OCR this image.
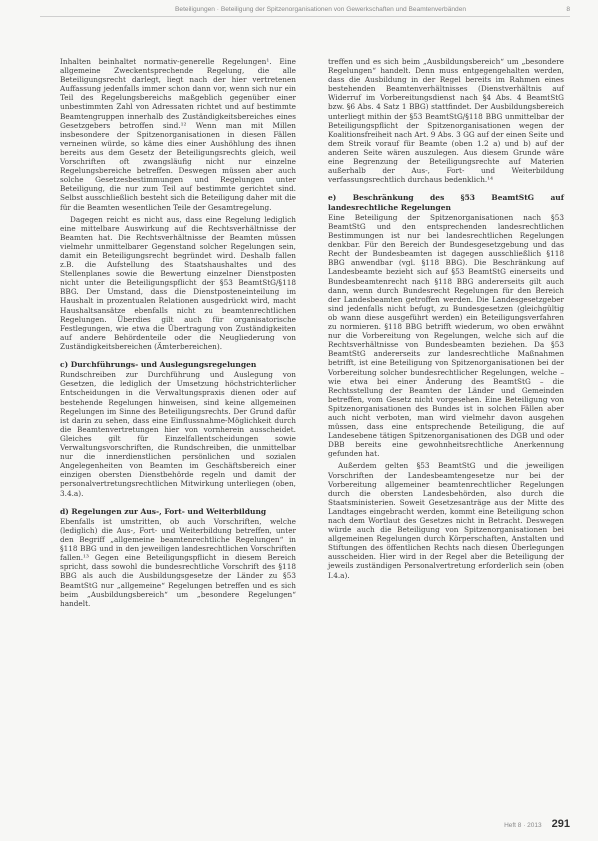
Beteiligungen · Beteiligung der Spitzenorganisationen von Gewerkschaften und Beamtenverbänden	8

Inhalten beinhaltet normativ-generelle Regelungen¹. Eine allgemeine Zweckentsprechende Regelung, die alle Beteiligungsrecht darlegt, liegt nach der hier vertretenen Auffassung jedenfalls immer schon dann vor, wenn sich nur ein Teil des Regelungsbereichs maßgeblich gegenüber einer unbestimmten Zahl von Adressaten richtet und auf bestimmte Beamtengruppen innerhalb des Zuständigkeitsbereiches eines Gesetzgebers betroffen sind.¹² Wenn man mit Millen insbesondere der Spitzenorganisationen in diesen Fällen verneinen würde, so käme dies einer Aushöhlung des ihnen bereits aus dem Gesetz der Beteiligungsrechts gleich, weil Vorschriften oft zwangsläufig nicht nur einzelne Regelungsbereiche betreffen. Deswegen müssen aber auch solche Gesetzesbestimmungen und Regelungen unter Beteiligung, die nur zum Teil auf bestimmte gerichtet sind. Selbst ausschließlich besteht sich die Beteiligung daher mit die für die Beamten wesentlichen Teile der Gesamtregelung.

Dagegen reicht es nicht aus, dass eine Regelung lediglich eine mittelbare Auswirkung auf die Rechtsverhältnisse der Beamten hat. Die Rechtsverhältnisse der Beamten müssen vielmehr unmittelbarer Gegenstand solcher Regelungen sein, damit ein Beteiligungsrecht begründet wird. Deshalb fallen z.B. die Aufstellung des Staatshaushaltes und des Stellenplanes sowie die Bewertung einzelner Dienstposten nicht unter die Beteiligungspflicht der §53 BeamtStG/§118 BBG. Der Umstand, dass die Dienstposteneinteilung im Haushalt in prozentualen Relationen ausgedrückt wird, macht Haushaltsansätze ebenfalls nicht zu beamtenrechtlichen Regelungen. Überdies gilt auch für organisatorische Festlegungen, wie etwa die Übertragung von Zuständigkeiten auf andere Behördenteile oder die Neugliederung von Zuständigkeitsbereichen (Ämterbereichen).

c) Durchführungs- und Auslegungsregelungen

Rundschreiben zur Durchführung und Auslegung von Gesetzen, die lediglich der Umsetzung höchstrichterlicher Entscheidungen in die Verwaltungspraxis dienen oder auf bestehende Regelungen hinweisen, sind keine allgemeinen Regelungen im Sinne des Beteiligungsrechts. Der Grund dafür ist darin zu sehen, dass eine Einflussnahme-Möglichkeit durch die Beamtenvertretungen hier von vornherein ausscheidet. Gleiches gilt für Einzelfallentscheidungen sowie Verwaltungsvorschriften, die Rundschreiben, die unmittelbar nur die innerdienstlichen persönlichen und sozialen Angelegenheiten von Beamten im Geschäftsbereich einer einzigen obersten Dienstbehörde regeln und damit der personalvertretungsrechtlichen Mitwirkung unterliegen (oben, 3.4.a).

d) Regelungen zur Aus-, Fort- und Weiterbildung

Ebenfalls ist umstritten, ob auch Vorschriften, welche (lediglich) die Aus-, Fort- und Weiterbildung betreffen, unter den Begriff „allgemeine beamtenrechtliche Regelungen“ in §118 BBG und in den jeweiligen landesrechtlichen Vorschriften fallen.¹³ Gegen eine Beteiligungspflicht in diesem Bereich spricht, dass sowohl die bundesrechtliche Vorschrift des §118 BBG als auch die Ausbildungsgesetze der Länder zu §53 BeamtStG nur „allgemeine“ Regelungen betreffen und es sich beim „Ausbildungsbereich“ um „besondere Regelungen“ handelt.

treffen und es sich beim „Ausbildungsbereich“ um „besondere Regelungen“ handelt. Denn muss entgegengehalten werden, dass die Ausbildung in der Regel bereits im Rahmen eines bestehenden Beamtenverhältnisses (Dienstverhältnis auf Widerruf im Vorbereitungsdienst nach §4 Abs. 4 BeamtStG bzw. §6 Abs. 4 Satz 1 BBG) stattfindet. Der Ausbildungsbereich unterliegt mithin der §53 BeamtStG/§118 BBG unmittelbar der Beteiligungspflicht der Spitzenorganisationen wegen der Koalitionsfreiheit nach Art. 9 Abs. 3 GG auf der einen Seite und dem Streik vorauf für Beamte (oben 1.2 a) und b) auf der anderen Seite wären auszulegen. Aus diesem Grunde wäre eine Begrenzung der Beteiligungsrechte auf Materien außerhalb der Aus-, Fort- und Weiterbildung verfassungsrechtlich durchaus bedenklich.¹⁴

e) Beschränkung des §53 BeamtStG auf landesrechtliche Regelungen

Eine Beteiligung der Spitzenorganisationen nach §53 BeamtStG und den entsprechenden landesrechtlichen Bestimmungen ist nur bei landesrechtlichen Regelungen denkbar. Für den Bereich der Bundesgesetzgebung und das Recht der Bundesbeamten ist dagegen ausschließlich §118 BBG anwendbar (vgl. §118 BBG). Die Beschränkung auf Landesbeamte bezieht sich auf §53 BeamtStG einerseits und Bundesbeamtenrecht nach §118 BBG andererseits gilt auch dann, wenn durch Bundesrecht Regelungen für den Bereich der Landesbeamten getroffen werden. Die Landesgesetzgeber sind jedenfalls nicht befugt, zu Bundesgesetzen (gleichgültig ob wann diese ausgeführt werden) ein Beteiligungsverfahren zu normieren. §118 BBG betrifft wiederum, wo oben erwähnt nur die Vorbereitung von Regelungen, welche sich auf die Rechtsverhältnisse von Bundesbeamten beziehen. Da §53 BeamtStG andererseits zur landesrechtliche Maßnahmen betrifft, ist eine Beteiligung von Spitzenorganisationen bei der Vorbereitung solcher bundesrechtlicher Regelungen, welche – wie etwa bei einer Änderung des BeamtStG – die Rechtsstellung der Beamten der Länder und Gemeinden betreffen, vom Gesetz nicht vorgesehen. Eine Beteiligung von Spitzenorganisationen des Bundes ist in solchen Fällen aber auch nicht verboten, man wird vielmehr davon ausgehen müssen, dass eine entsprechende Beteiligung, die auf Landesebene tätigen Spitzenorganisationen des DGB und oder DBB bereits eine gewohnheitsrechtliche Anerkennung gefunden hat.

Außerdem gelten §53 BeamtStG und die jeweiligen Vorschriften der Landesbeamtengesetze nur bei der Vorbereitung allgemeiner beamtenrechtlicher Regelungen durch die obersten Landesbehörden, also durch die Staatsministerien. Soweit Gesetzesanträge aus der Mitte des Landtages eingebracht werden, kommt eine Beteiligung schon nach dem Wortlaut des Gesetzes nicht in Betracht. Deswegen würde auch die Beteiligung von Spitzenorganisationen bei allgemeinen Regelungen durch Körperschaften, Anstalten und Stiftungen des öffentlichen Rechts nach diesen Überlegungen ausscheiden. Hier wird in der Regel aber die Beteiligung der jeweils zuständigen Personalvertretung erforderlich sein (oben I.4.a).

Heft 8 · 2013 291
